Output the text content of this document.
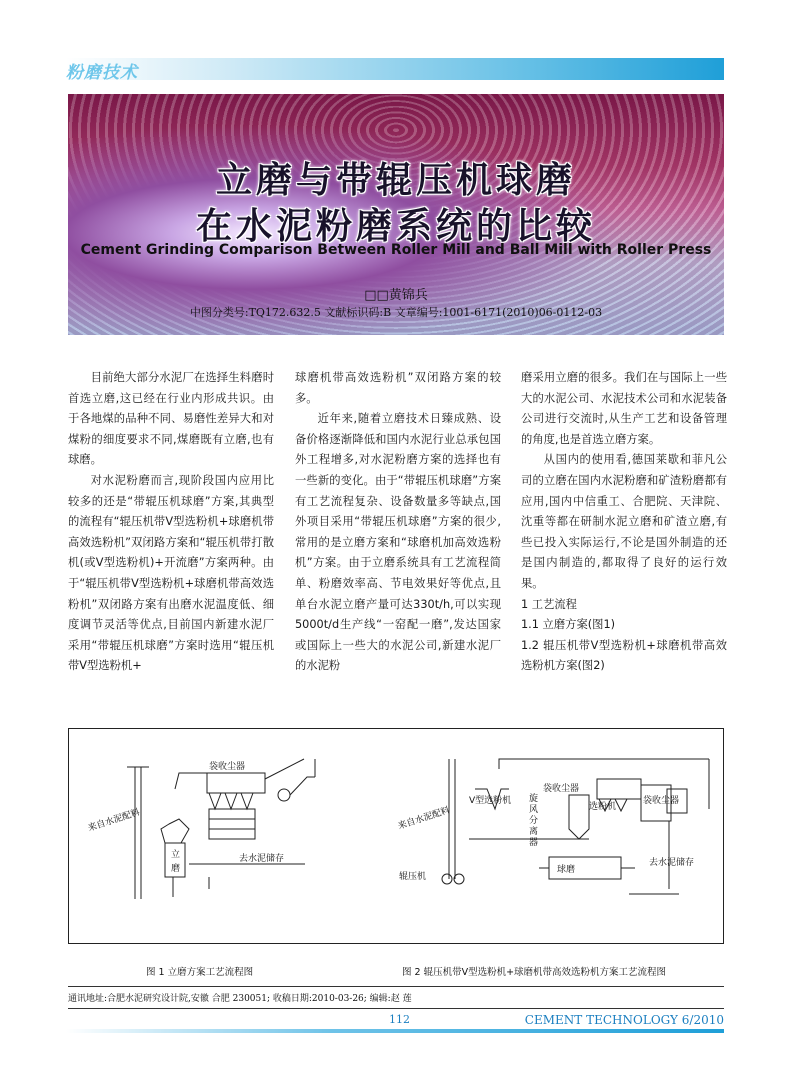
粉磨技术
立磨与带辊压机球磨
在水泥粉磨系统的比较
Cement Grinding Comparison Between Roller Mill and Ball Mill with Roller Press
□□黄锦兵
中图分类号:TQ172.632.5 文献标识码:B 文章编号:1001-6171(2010)06-0112-03

目前绝大部分水泥厂在选择生料磨时首选立磨,这已经在行业内形成共识。由于各地煤的品种不同、易磨性差异大和对煤粉的细度要求不同,煤磨既有立磨,也有球磨。

对水泥粉磨而言,现阶段国内应用比较多的还是“带辊压机球磨”方案,其典型的流程有“辊压机带V型选粉机+球磨机带高效选粉机”双闭路方案和“辊压机带打散机(或V型选粉机)+开流磨”方案两种。由于“辊压机带V型选粉机+球磨机带高效选粉机”双闭路方案有出磨水泥温度低、细度调节灵活等优点,目前国内新建水泥厂采用“带辊压机球磨”方案时选用“辊压机带V型选粉机+

球磨机带高效选粉机”双闭路方案的较多。

近年来,随着立磨技术日臻成熟、设备价格逐渐降低和国内水泥行业总承包国外工程增多,对水泥粉磨方案的选择也有一些新的变化。由于“带辊压机球磨”方案有工艺流程复杂、设备数量多等缺点,国外项目采用“带辊压机球磨”方案的很少,常用的是立磨方案和“球磨机加高效选粉机”方案。由于立磨系统具有工艺流程简单、粉磨效率高、节电效果好等优点,且单台水泥立磨产量可达330t/h,可以实现5000t/d生产线“一窑配一磨”,发达国家或国际上一些大的水泥公司,新建水泥厂的水泥粉

磨采用立磨的很多。我们在与国际上一些大的水泥公司、水泥技术公司和水泥装备公司进行交流时,从生产工艺和设备管理的角度,也是首选立磨方案。

从国内的使用看,德国莱歇和菲凡公司的立磨在国内水泥粉磨和矿渣粉磨都有应用,国内中信重工、合肥院、天津院、沈重等都在研制水泥立磨和矿渣立磨,有些已投入实际运行,不论是国外制造的还是国内制造的,都取得了良好的运行效果。

1 工艺流程

1.1 立磨方案(图1)

1.2 辊压机带V型选粉机+球磨机带高效选粉机方案(图2)

袋收尘器
来自水泥配料
立
磨
去水泥储存
来自水泥配料
V型选粉机 旋
风
分
离
器
袋收尘器
选粉机
袋收尘器
球磨
辊压机
去水泥储存
图 1 立磨方案工艺流程图	图 2 辊压机带V型选粉机+球磨机带高效选粉机方案工艺流程图
通讯地址:合肥水泥研究设计院,安徽 合肥 230051; 收稿日期:2010-03-26; 编辑:赵 莲
112	CEMENT TECHNOLOGY 6/2010
